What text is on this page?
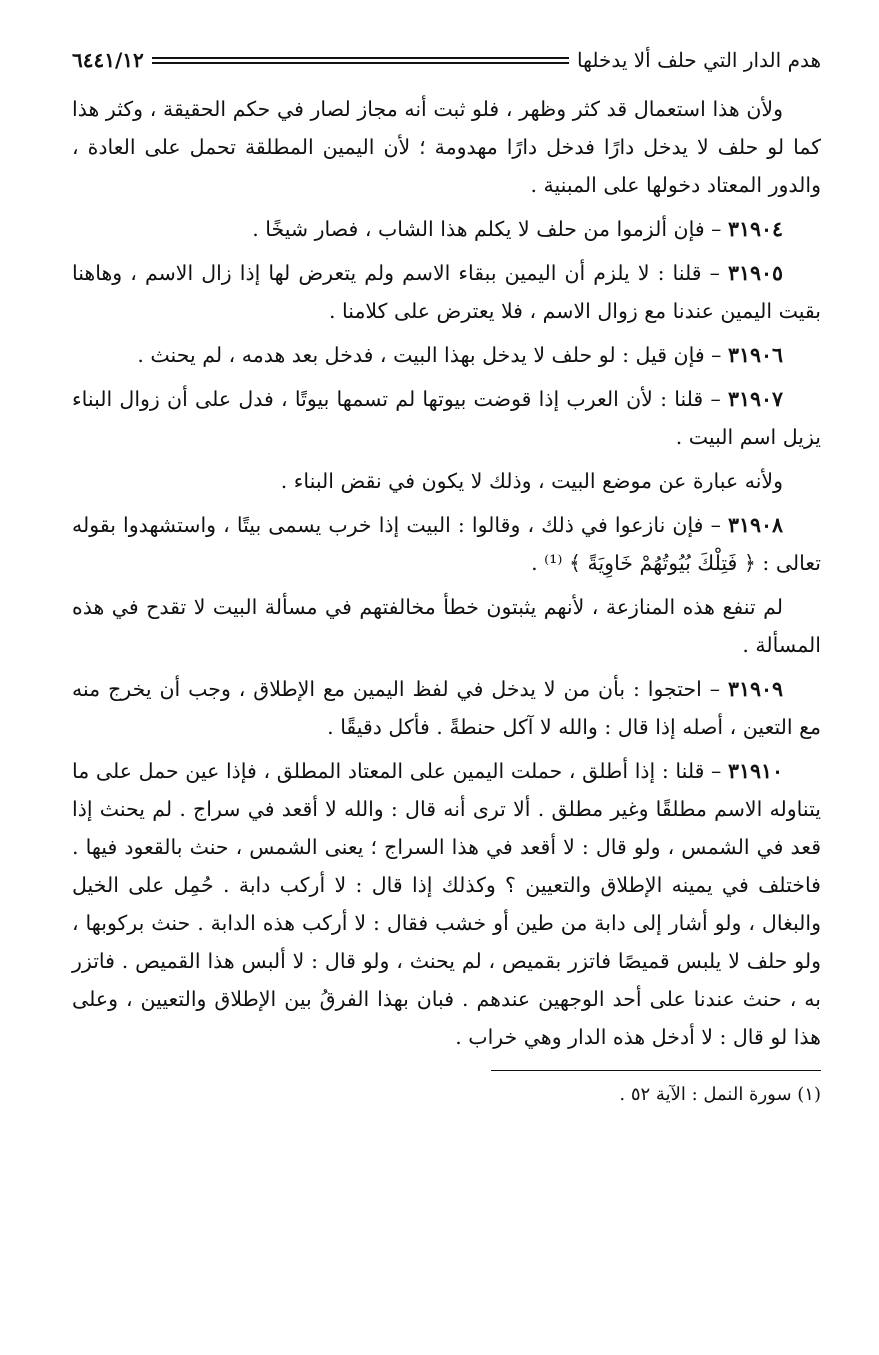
هدم الدار التي حلف ألا يدخلها
٦٤٤١/١٢

ولأن هذا استعمال قد كثر وظهر ، فلو ثبت أنه مجاز لصار في حكم الحقيقة ، وكثر هذا كما لو حلف لا يدخل دارًا فدخل دارًا مهدومة ؛ لأن اليمين المطلقة تحمل على العادة ، والدور المعتاد دخولها على المبنية .

٣١٩٠٤ – فإن ألزموا من حلف لا يكلم هذا الشاب ، فصار شيخًا .

٣١٩٠٥ – قلنا : لا يلزم أن اليمين ببقاء الاسم ولم يتعرض لها إذا زال الاسم ، وهاهنا بقيت اليمين عندنا مع زوال الاسم ، فلا يعترض على كلامنا .

٣١٩٠٦ – فإن قيل : لو حلف لا يدخل بهذا البيت ، فدخل بعد هدمه ، لم يحنث .

٣١٩٠٧ – قلنا : لأن العرب إذا قوضت بيوتها لم تسمها بيوتًا ، فدل على أن زوال البناء يزيل اسم البيت .

ولأنه عبارة عن موضع البيت ، وذلك لا يكون في نقض البناء .

٣١٩٠٨ – فإن نازعوا في ذلك ، وقالوا : البيت إذا خرب يسمى بيتًا ، واستشهدوا بقوله تعالى : ﴿ فَتِلْكَ بُيُوتُهُمْ خَاوِيَةً ﴾ ⁽¹⁾ .

لم تنفع هذه المنازعة ، لأنهم يثبتون خطأ مخالفتهم في مسألة البيت لا تقدح في هذه المسألة .

٣١٩٠٩ – احتجوا : بأن من لا يدخل في لفظ اليمين مع الإطلاق ، وجب أن يخرج منه مع التعين ، أصله إذا قال : والله لا آكل حنطةً . فأكل دقيقًا .

٣١٩١٠ – قلنا : إذا أطلق ، حملت اليمين على المعتاد المطلق ، فإذا عين حمل على ما يتناوله الاسم مطلقًا وغير مطلق . ألا ترى أنه قال : والله لا أقعد في سراج . لم يحنث إذا قعد في الشمس ، ولو قال : لا أقعد في هذا السراج ؛ يعنى الشمس ، حنث بالقعود فيها . فاختلف في يمينه الإطلاق والتعيين ؟ وكذلك إذا قال : لا أركب دابة . حُمِل على الخيل والبغال ، ولو أشار إلى دابة من طين أو خشب فقال : لا أركب هذه الدابة . حنث بركوبها ، ولو حلف لا يلبس قميصًا فاتزر بقميص ، لم يحنث ، ولو قال : لا ألبس هذا القميص . فاتزر به ، حنث عندنا على أحد الوجهين عندهم . فبان بهذا الفرقُ بين الإطلاق والتعيين ، وعلى هذا لو قال : لا أدخل هذه الدار وهي خراب .

(١) سورة النمل : الآية ٥٢ .
